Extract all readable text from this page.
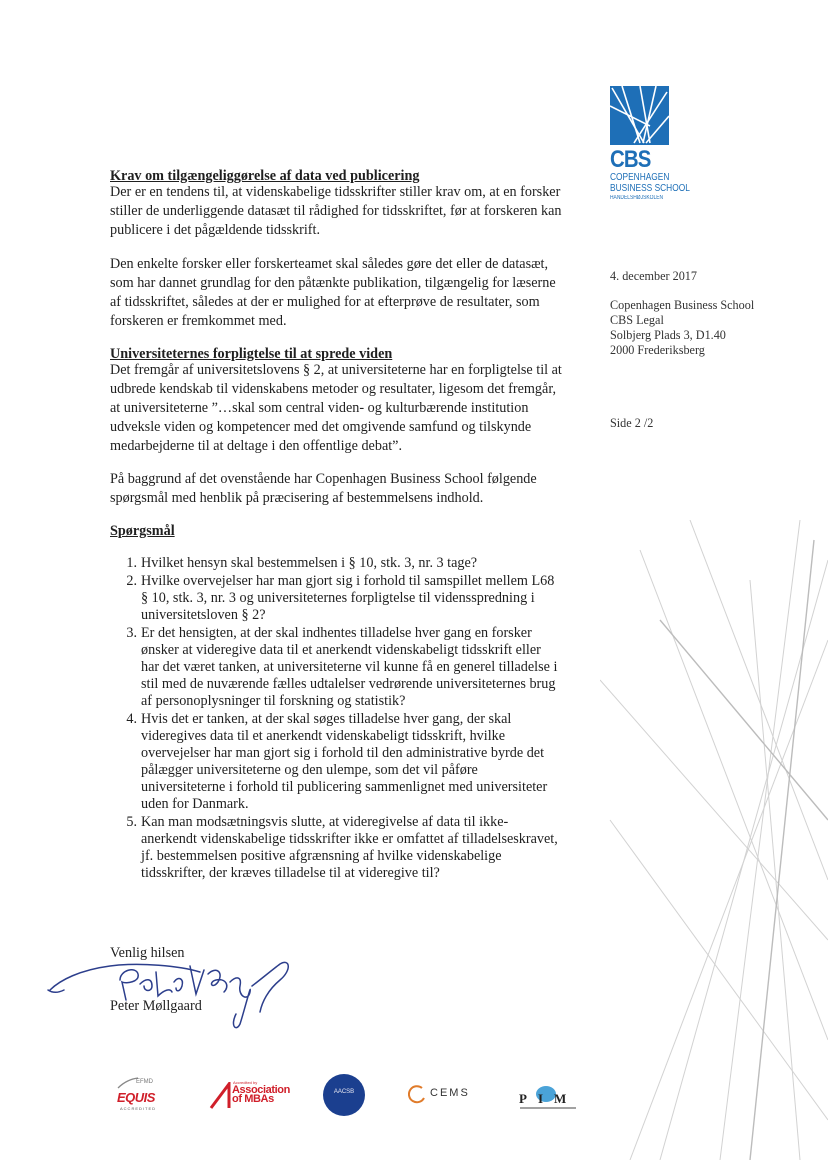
CBS
COPENHAGEN
BUSINESS SCHOOL
HANDELSHØJSKOLEN
Krav om tilgængeliggørelse af data ved publicering

Der er en tendens til, at videnskabelige tidsskrifter stiller krav om, at en forsker stiller de underliggende datasæt til rådighed for tidsskriftet, før at forskeren kan publicere i det pågældende tidsskrift.

Den enkelte forsker eller forskerteamet skal således gøre det eller de datasæt, som har dannet grundlag for den påtænkte publikation, tilgængelig for læserne af tidsskriftet, således at der er mulighed for at efterprøve de resultater, som forskeren er fremkommet med.

Universiteternes forpligtelse til at sprede viden

Det fremgår af universitetslovens § 2, at universiteterne har en forpligtelse til at udbrede kendskab til videnskabens metoder og resultater, ligesom det fremgår, at universiteterne ”…skal som central viden- og kulturbærende institution udveksle viden og kompetencer med det omgivende samfund og tilskynde medarbejderne til at deltage i den offentlige debat”.

På baggrund af det ovenstående har Copenhagen Business School følgende spørgsmål med henblik på præcisering af bestemmelsens indhold.

Spørgsmål
1. Hvilket hensyn skal bestemmelsen i § 10, stk. 3, nr. 3 tage?
2. Hvilke overvejelser har man gjort sig i forhold til samspillet mellem L68 § 10, stk. 3, nr. 3 og universiteternes forpligtelse til vidensspredning i universitetsloven § 2?
3. Er det hensigten, at der skal indhentes tilladelse hver gang en forsker ønsker at videregive data til et anerkendt videnskabeligt tidsskrift eller har det været tanken, at universiteterne vil kunne få en generel tilladelse i stil med de nuværende fælles udtalelser vedrørende universiteternes brug af personoplysninger til forskning og statistik?
4. Hvis det er tanken, at der skal søges tilladelse hver gang, der skal videregives data til et anerkendt videnskabeligt tidsskrift, hvilke overvejelser har man gjort sig i forhold til den administrative byrde det pålægger universiteterne og den ulempe, som det vil påføre universiteterne i forhold til publicering sammenlignet med universiteter uden for Danmark.
5. Kan man modsætningsvis slutte, at videregivelse af data til ikke-anerkendt videnskabelige tidsskrifter ikke er omfattet af tilladelseskravet, jf. bestemmelsen positive afgrænsning af hvilke videnskabelige tidsskrifter, der kræves tilladelse til at videregive til?
Venlig hilsen
Peter Møllgaard
4. december 2017
Copenhagen Business School
CBS Legal
Solbjerg Plads 3, D1.40
2000 Frederiksberg
Side 2 /2
EFMD
EQUIS
ACCREDITED
Accredited by
Association
of MBAs
AACSB	CEMS	PIM
